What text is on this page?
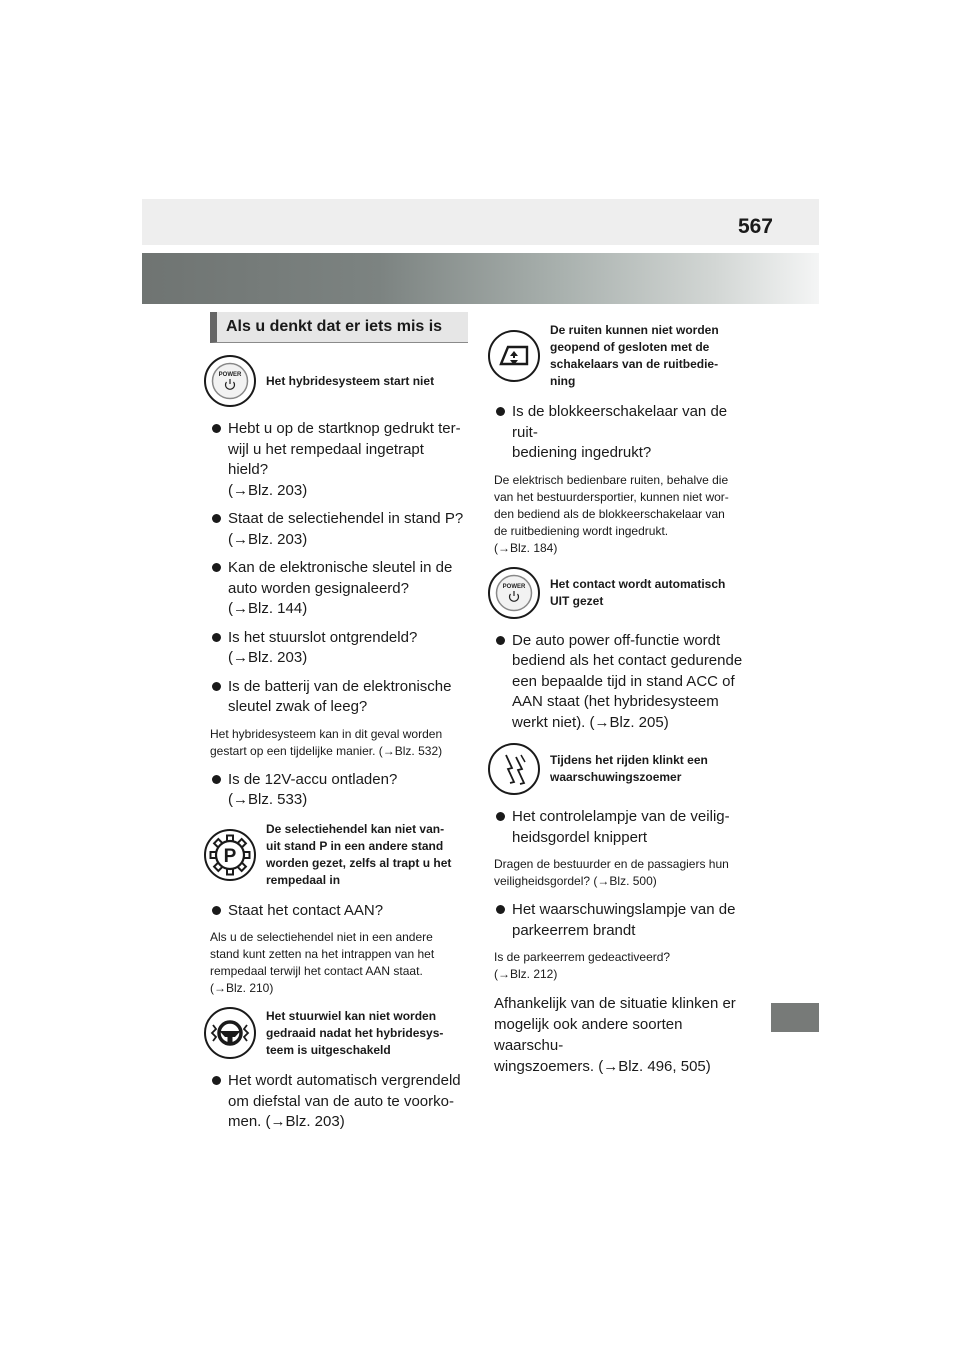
567
Als u denkt dat er iets mis is
POWER Het hybridesysteem start niet
Hebt u op de startknop gedrukt ter-
wijl u het rempedaal ingetrapt hield?
(→Blz. 203)
Staat de selectiehendel in stand P?
(→Blz. 203)
Kan de elektronische sleutel in de
auto worden gesignaleerd?
(→Blz. 144)
Is het stuurslot ontgrendeld?
(→Blz. 203)
Is de batterij van de elektronische
sleutel zwak of leeg?
Het hybridesysteem kan in dit geval worden
gestart op een tijdelijke manier. (→Blz. 532)
Is de 12V-accu ontladen?
(→Blz. 533)
P
De selectiehendel kan niet van-
uit stand P in een andere stand
worden gezet, zelfs al trapt u het
rempedaal in
Staat het contact AAN?
Als u de selectiehendel niet in een andere
stand kunt zetten na het intrappen van het
rempedaal terwijl het contact AAN staat.
(→Blz. 210)
Het stuurwiel kan niet worden
gedraaid nadat het hybridesys-
teem is uitgeschakeld
Het wordt automatisch vergrendeld
om diefstal van de auto te voorko-
men. (→Blz. 203)
De ruiten kunnen niet worden
geopend of gesloten met de
schakelaars van de ruitbedie-
ning
Is de blokkeerschakelaar van de ruit-
bediening ingedrukt?
De elektrisch bedienbare ruiten, behalve die
van het bestuurdersportier, kunnen niet wor-
den bediend als de blokkeerschakelaar van
de ruitbediening wordt ingedrukt.
(→Blz. 184)
POWER Het contact wordt automatisch
UIT gezet
De auto power off-functie wordt
bediend als het contact gedurende
een bepaalde tijd in stand ACC of
AAN staat (het hybridesysteem
werkt niet). (→Blz. 205)
Tijdens het rijden klinkt een
waarschuwingszoemer
Het controlelampje van de veilig-
heidsgordel knippert
Dragen de bestuurder en de passagiers hun
veiligheidsgordel? (→Blz. 500)
Het waarschuwingslampje van de
parkeerrem brandt
Is de parkeerrem gedeactiveerd?
(→Blz. 212)
Afhankelijk van de situatie klinken er
mogelijk ook andere soorten waarschu-
wingszoemers. (→Blz. 496, 505)
